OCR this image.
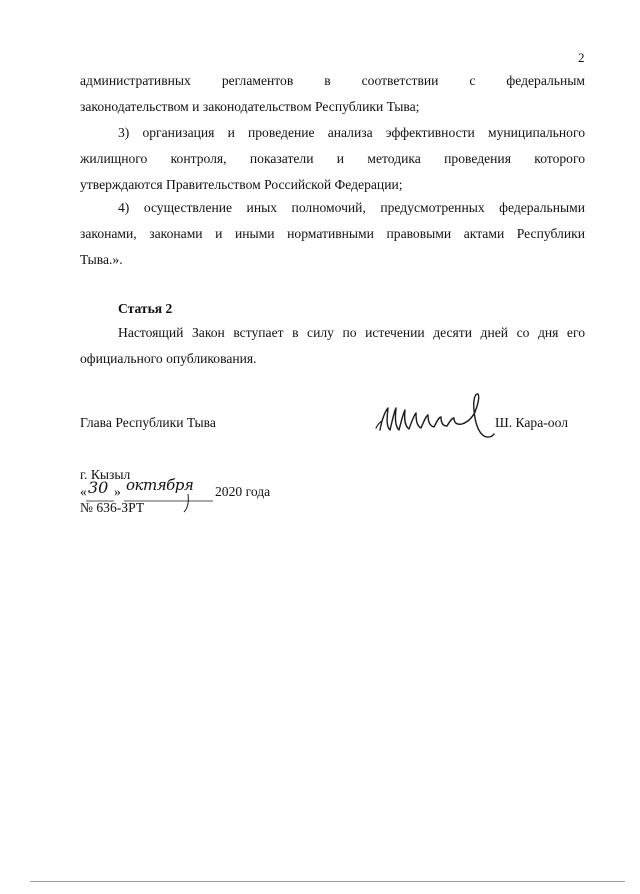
2
административных регламентов в соответствии с федеральным
законодательством и законодательством Республики Тыва;
3) организация и проведение анализа эффективности муниципального
жилищного контроля, показатели и методика проведения которого
утверждаются Правительством Российской Федерации;
4) осуществление иных полномочий, предусмотренных федеральными
законами, законами и иными нормативными правовыми актами Республики
Тыва.».
Статья 2
Настоящий Закон вступает в силу по истечении десяти дней со дня его
официального опубликования.
Глава Республики Тыва	Ш. Кара-оол
г. Кызыл
« 30 » октября 2020 года
№ 636-ЗРТ
